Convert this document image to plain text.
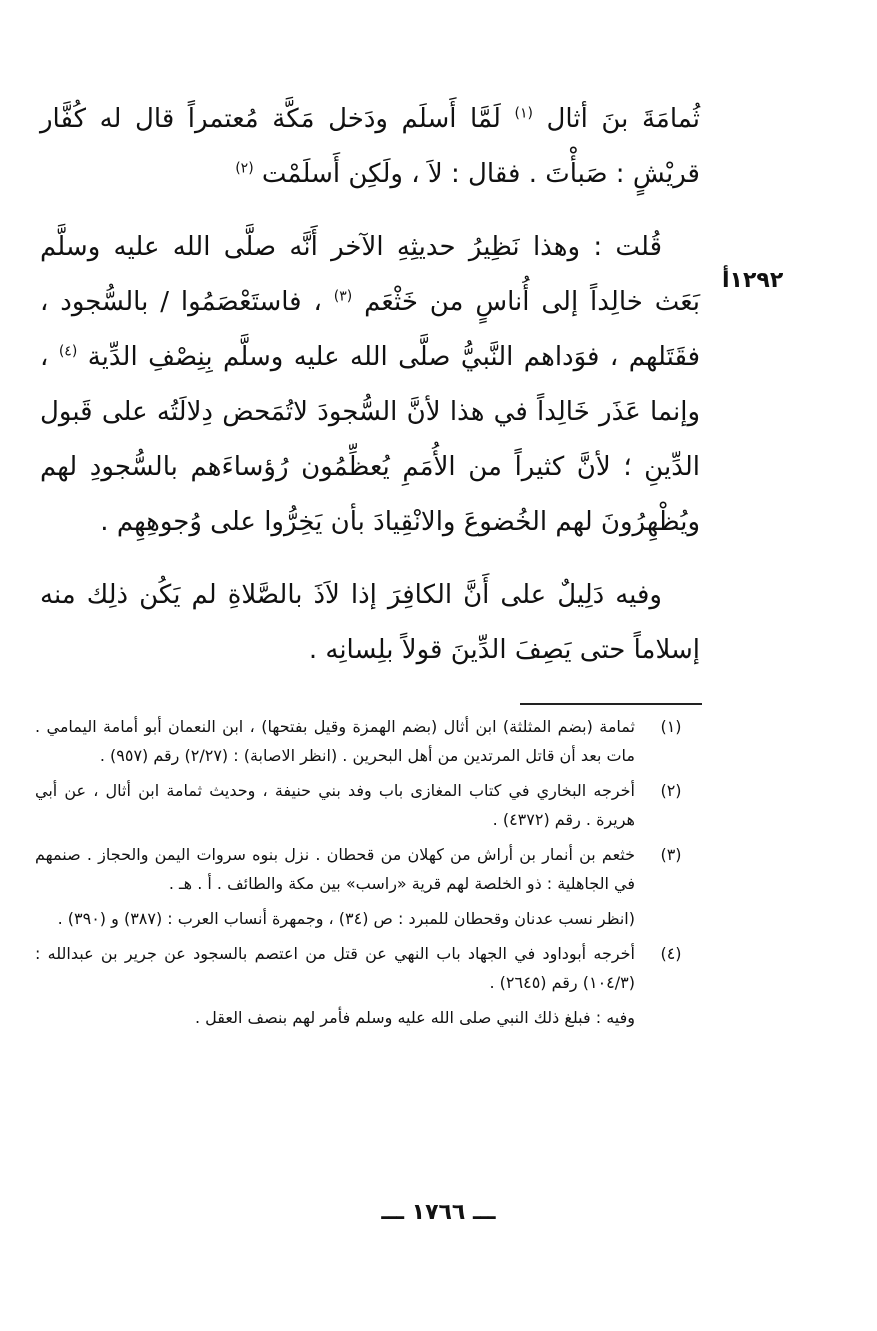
ثُمامَةَ بنَ أثال $^{(١)}$ لَمَّا أَسلَم ودَخل مَكَّة مُعتمراً قال له كُفَّار قريْشٍ : صَبأْتَ . فقال : لاَ ، ولَكِن أَسلَمْت $^{(٢)}$

قُلت : وهذا نَظِيرُ حديثِهِ الآخر أَنَّه صلَّى الله عليه وسلَّم بَعَث خالِداً إلى أُناسٍ من خَثْعَم $^{(٣)}$ ، فاستَعْصَمُوا / بالسُّجود ، فقَتَلهم ، فوَداهم النَّبيُّ صلَّى الله عليه وسلَّم بِنِصْفِ الدِّية $^{(٤)}$ ، وإنما عَذَر خَالِداً في هذا لأنَّ السُّجودَ لاتُمَحض دِلالَتُه على قَبول الدِّينِ ؛ لأنَّ كثيراً من الأُمَمِ يُعظِّمُون رُؤساءَهم بالسُّجودِ لهم ويُظْهِرُونَ لهم الخُضوعَ والانْقِيادَ بأن يَخِرُّوا على وُجوهِهِم .

وفيه دَلِيلٌ على أَنَّ الكافِرَ إذا لاَذَ بالصَّلاةِ لم يَكُن ذلِك منه إسلاماً حتى يَصِفَ الدِّينَ قولاً بلِسانِه .

١٢٩٢أ
(١)
ثمامة (بضم المثلثة) ابن أثال (بضم الهمزة وقيل بفتحها) ، ابن النعمان أبو أمامة اليمامي . مات بعد أن قاتل المرتدين من أهل البحرين . (انظر الاصابة) : (٢/٢٧) رقم (٩٥٧) .
(٢)
أخرجه البخاري في كتاب المغازى باب وفد بني حنيفة ، وحديث ثمامة ابن أثال ، عن أبي هريرة . رقم (٤٣٧٢) .
(٣)
خثعم بن أنمار بن أراش من كهلان من قحطان . نزل بنوه سروات اليمن والحجاز . صنمهم في الجاهلية : ذو الخلصة لهم قرية «راسب» بين مكة والطائف . أ . هـ .
(انظر نسب عدنان وقحطان للمبرد : ص (٣٤) ، وجمهرة أنساب العرب : (٣٨٧) و (٣٩٠) .
(٤)
أخرجه أبوداود في الجهاد باب النهي عن قتل من اعتصم بالسجود عن جرير بن عبدالله : (١٠٤/٣) رقم (٢٦٤٥) .
وفيه : فبلغ ذلك النبي صلى الله عليه وسلم فأمر لهم بنصف العقل .
ـــ ١٧٦٦ ـــ
